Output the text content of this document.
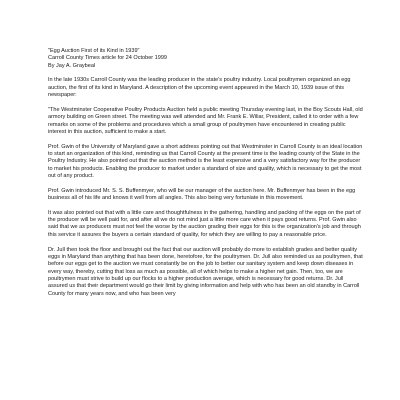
"Egg Auction First of its Kind in 1939"
Carroll County Times article for 24 October 1999
By Jay A. Graybeal

In the late 1930s Carroll County was the leading producer in the state's poultry industry. Local poultrymen organized an egg auction, the first of its kind in Maryland. A description of the upcoming event appeared in the March 10, 1939 issue of this newspaper:

"The Westminster Cooperative Poultry Products Auction held a public meeting Thursday evening last, in the Boy Scouts Hall, old armory building on Green street. The meeting was well attended and Mr. Frank E. Wiliar, President, called it to order with a few remarks on some of the problems and procedures which a small group of poultrymen have encountered in creating public interest in this auction, sufficient to make a start.

Prof. Gwin of the University of Maryland gave a short address pointing out that Westminster in Carroll County is an ideal location to start an organization of this kind, reminding us that Carroll County at the present time is the leading county of the State in the Poultry Industry. He also pointed out that the auction method is the least expensive and a very satisfactory way for the producer to market his products. Enabling the producer to market under a standard of size and quality, which is necessary to get the most out of any product.

Prof. Gwin introduced Mr. S. S. Buffenmyer, who will be our manager of the auction here. Mr. Buffenmyer has been in the egg business all of his life and knows it well from all angles. This also being very fortuniate in this movement.

It was also pointed out that with a little care and thoughtfulness in the gathering, handling and packing of the eggs on the part of the producer will be well paid for, and after all we do not mind just a little more care when it pays good returns. Prof. Gwin also said that we as producers must not feel the worse by the auction grading their eggs for this is the organization's job and through this service it assures the buyers a certain standard of quality, for which they are willing to pay a reasonable price.

Dr. Jull then took the floor and brought out the fact that our auction will probably do more to establish grades and better quality eggs in Maryland than anything that has been done, heretofore, for the poultrymen. Dr. Jull also reminded us as poultrymen, that before our eggs get to the auction we must constantly be on the job to better our sanitary system and keep down diseases in every way, thereby, cutting that loss as much as possible, all of which helps to make a higher net gain. Then, too, we are poultrymen must strive to build up our flocks to a higher production average, which is necessary for good returns. Dr. Jull assured us that their department would go their limit by giving information and help with who has been an old standby in Carroll County for many years now, and who has been very
